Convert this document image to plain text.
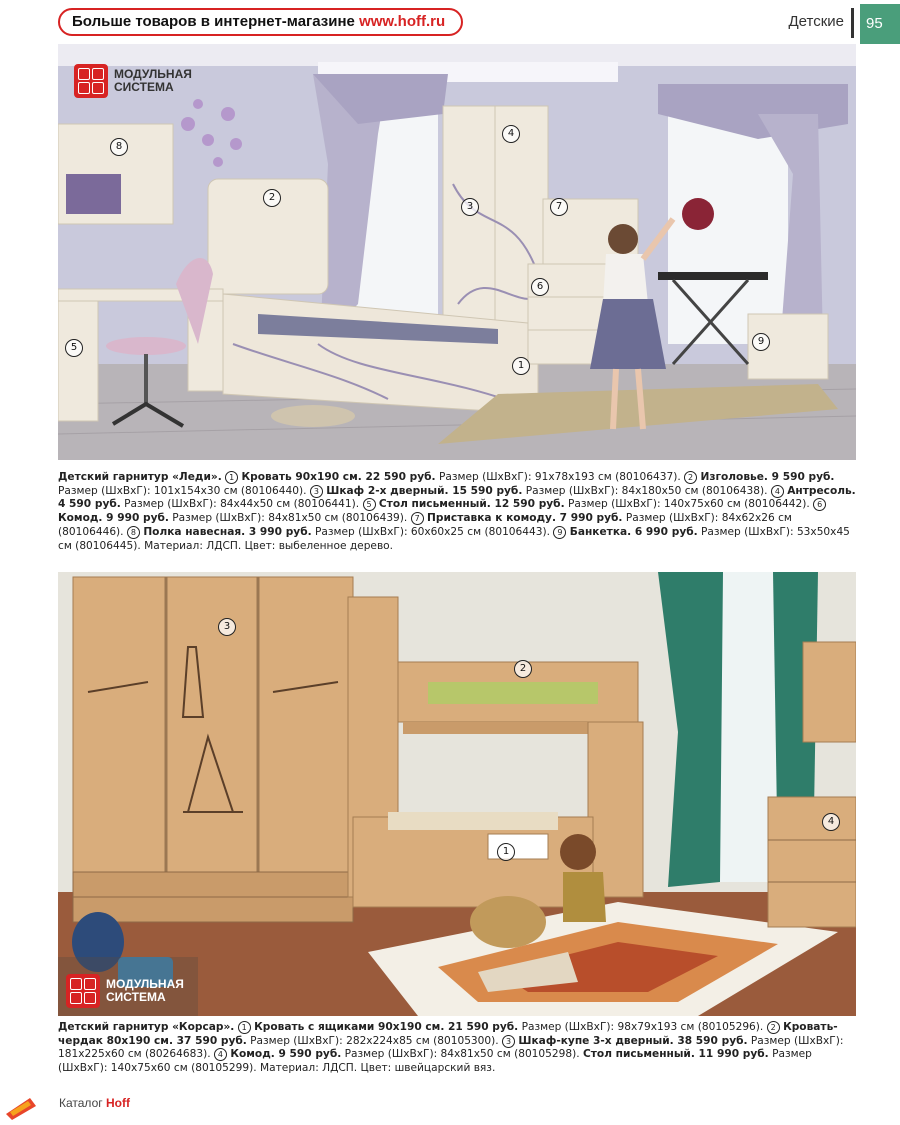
Больше товаров в интернет-магазине www.hoff.ru	Детские	95
МОДУЛЬНАЯ
СИСТЕМА
1
2
3
4
5
6
7
8
9

Детский гарнитур «Леди». 1 Кровать 90х190 см. 22 590 руб. Размер (ШхВхГ): 91х78х193 см (80106437). 2 Изголовье. 9 590 руб. Размер (ШхВхГ): 101х154х30 см (80106440). 3 Шкаф 2-х дверный. 15 590 руб. Размер (ШхВхГ): 84х180х50 см (80106438). 4 Антресоль. 4 590 руб. Размер (ШхВхГ): 84х44х50 см (80106441). 5 Стол письменный. 12 590 руб. Размер (ШхВхГ): 140х75х60 см (80106442). 6 Комод. 9 990 руб. Размер (ШхВхГ): 84х81х50 см (80106439). 7 Приставка к комоду. 7 990 руб. Размер (ШхВхГ): 84х62х26 см (80106446). 8 Полка навесная. 3 990 руб. Размер (ШхВхГ): 60х60х25 см (80106443). 9 Банкетка. 6 990 руб. Размер (ШхВхГ): 53х50х45 см (80106445). Материал: ЛДСП. Цвет: выбеленное дерево.

МОДУЛЬНАЯ
СИСТЕМА
1
2
3
4

Детский гарнитур «Корсар». 1 Кровать с ящиками 90х190 см. 21 590 руб. Размер (ШхВхГ): 98х79х193 см (80105296). 2 Кровать-чердак 80х190 см. 37 590 руб. Размер (ШхВхГ): 282х224х85 см (80105300). 3 Шкаф-купе 3-х дверный. 38 590 руб. Размер (ШхВхГ): 181х225х60 см (80264683). 4 Комод. 9 590 руб. Размер (ШхВхГ): 84х81х50 см (80105298). Стол письменный. 11 990 руб. Размер (ШхВхГ): 140х75х60 см (80105299). Материал: ЛДСП. Цвет: швейцарский вяз.

Каталог Hoff
